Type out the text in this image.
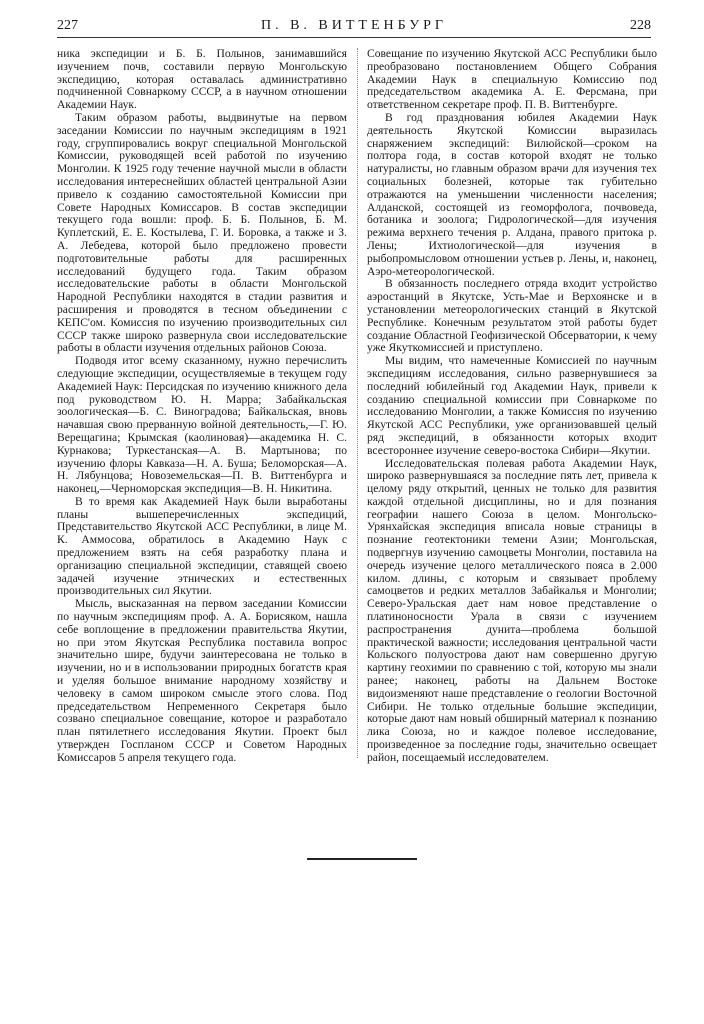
227	П. В. ВИТТЕНБУРГ	228

ника экспедиции и Б. Б. Полынов, занимавшийся изучением почв, составили первую Монгольскую экспедицию, которая оставалась административно подчиненной Совнаркому СССР, а в научном отношении Академии Наук.

Таким образом работы, выдвинутые на первом заседании Комиссии по научным экспедициям в 1921 году, сгруппировались вокруг специальной Монгольской Комиссии, руководящей всей работой по изучению Монголии. К 1925 году течение научной мысли в области исследования интереснейших областей центральной Азии привело к созданию самостоятельной Комиссии при Совете Народных Комиссаров. В состав экспедиции текущего года вошли: проф. Б. Б. Полынов, Б. М. Куплетский, Е. Е. Костылева, Г. И. Боровка, а также и З. А. Лебедева, которой было предложено провести подготовительные работы для расширенных исследований будущего года. Таким образом исследовательские работы в области Монгольской Народной Республики находятся в стадии развития и расширения и проводятся в тесном объединении с КЕПС'ом. Комиссия по изучению производительных сил СССР также широко развернула свои исследовательские работы в области изучения отдельных районов Союза.

Подводя итог всему сказанному, нужно перечислить следующие экспедиции, осуществляемые в текущем году Академией Наук: Персидская по изучению книжного дела под руководством Ю. Н. Марра; Забайкальская зоологическая—Б. С. Виноградова; Байкальская, вновь начавшая свою прерванную войной деятельность,—Г. Ю. Верещагина; Крымская (каолиновая)—академика Н. С. Курнакова; Туркестанская—А. В. Мартынова; по изучению флоры Кавказа—Н. А. Буша; Беломорская—А. Н. Лябунцова; Новоземельская—П. В. Виттенбурга и наконец,—Черноморская экспедиция—В. Н. Никитина.

В то время как Академией Наук были выработаны планы вышеперечисленных экспедиций, Представительство Якутской АСС Республики, в лице М. К. Аммосова, обратилось в Академию Наук с предложением взять на себя разработку плана и организацию специальной экспедиции, ставящей своею задачей изучение этнических и естественных производительных сил Якутии.

Мысль, высказанная на первом заседании Комиссии по научным экспедициям проф. А. А. Борисяком, нашла себе воплощение в предложении правительства Якутии, но при этом Якутская Республика поставила вопрос значительно шире, будучи заинтересована не только в изучении, но и в использовании природных богатств края и уделяя большое внимание народному хозяйству и человеку в самом широком смысле этого слова. Под председательством Непременного Секретаря было созвано специальное совещание, которое и разработало план пятилетнего исследования Якутии. Проект был утвержден Госпланом СССР и Советом Народных Комиссаров 5 апреля текущего года.

Совещание по изучению Якутской АСС Республики было преобразовано постановлением Общего Собрания Академии Наук в специальную Комиссию под председательством академика А. Е. Ферсмана, при ответственном секретаре проф. П. В. Виттенбурге.

В год празднования юбилея Академии Наук деятельность Якутской Комиссии выразилась снаряжением экспедиций: Вилюйской—сроком на полтора года, в состав которой входят не только натуралисты, но главным образом врачи для изучения тех социальных болезней, которые так губительно отражаются на уменьшении численности населения; Алданской, состоящей из геоморфолога, почвоведа, ботаника и зоолога; Гидрологической—для изучения режима верхнего течения р. Алдана, правого притока р. Лены; Ихтиологической—для изучения в рыбопромысловом отношении устьев р. Лены, и, наконец, Аэро-метеорологической.

В обязанность последнего отряда входит устройство аэростанций в Якутске, Усть-Мае и Верхоянске и в установлении метеорологических станций в Якутской Республике. Конечным результатом этой работы будет создание Областной Геофизической Обсерватории, к чему уже Якуткомиссией и приступлено.

Мы видим, что намеченные Комиссией по научным экспедициям исследования, сильно развернувшиеся за последний юбилейный год Академии Наук, привели к созданию специальной комиссии при Совнаркоме по исследованию Монголии, а также Комиссия по изучению Якутской АСС Республики, уже организовавшей целый ряд экспедиций, в обязанности которых входит всестороннее изучение северо-востока Сибири—Якутии.

Исследовательская полевая работа Академии Наук, широко развернувшаяся за последние пять лет, привела к целому ряду открытий, ценных не только для развития каждой отдельной дисциплины, но и для познания географии нашего Союза в целом. Монгольско-Урянхайская экспедиция вписала новые страницы в познание геотектоники темени Азии; Монгольская, подвергнув изучению самоцветы Монголии, поставила на очередь изучение целого металлического пояса в 2.000 килом. длины, с которым и связывает проблему самоцветов и редких металлов Забайкалья и Монголии; Северо-Уральская дает нам новое представление о платиноносности Урала в связи с изучением распространения дунита—проблема большой практической важности; исследования центральной части Кольского полуострова дают нам совершенно другую картину геохимии по сравнению с той, которую мы знали ранее; наконец, работы на Дальнем Востоке видоизменяют наше представление о геологии Восточной Сибири. Не только отдельные большие экспедиции, которые дают нам новый обширный материал к познанию лика Союза, но и каждое полевое исследование, произведенное за последние годы, значительно освещает район, посещаемый исследователем.
